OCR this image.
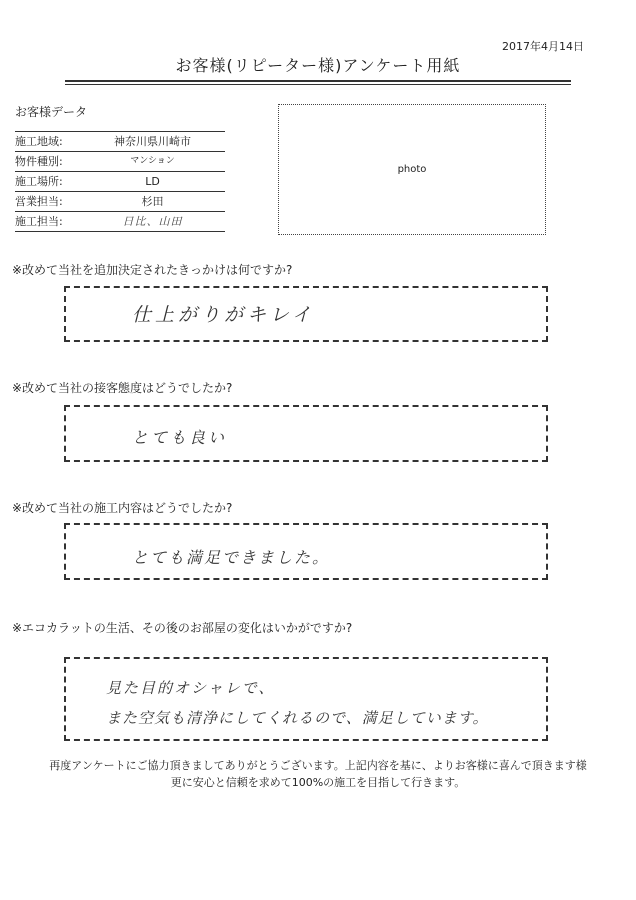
2017年4月14日
お客様(リピーター様)アンケート用紙
お客様データ
施工地域:	神奈川県川崎市
物件種別:	マンション
施工場所:	LD
営業担当:	杉田
施工担当:	日比、山田
photo
※改めて当社を追加決定されたきっかけは何ですか?
仕上がりがキレイ
※改めて当社の接客態度はどうでしたか?
とても良い
※改めて当社の施工内容はどうでしたか?
とても満足できました。
※エコカラットの生活、その後のお部屋の変化はいかがですか?
見た目的オシャレで、
また空気も清浄にしてくれるので、満足しています。
再度アンケートにご協力頂きましてありがとうございます。上記内容を基に、よりお客様に喜んで頂きます様
更に安心と信頼を求めて100%の施工を目指して行きます。
